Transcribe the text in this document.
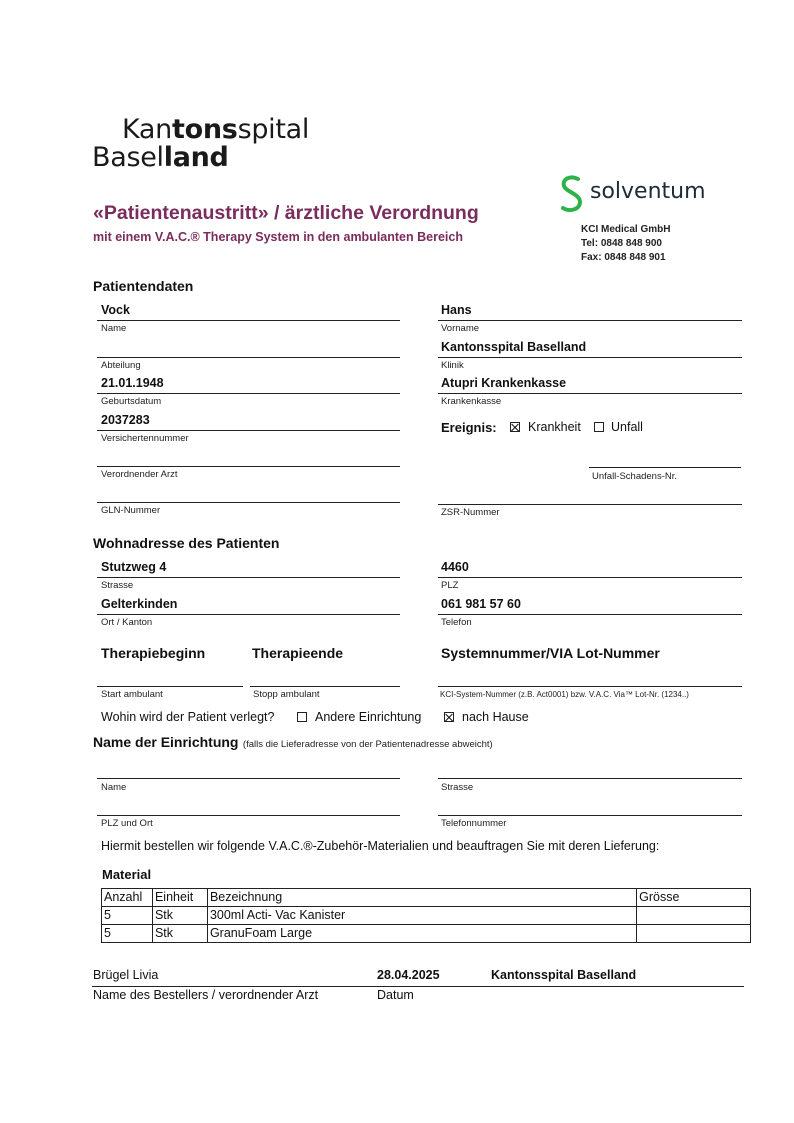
Kantonsspital
Baselland
«Patientenaustritt» / ärztliche Verordnung
mit einem V.A.C.® Therapy System in den ambulanten Bereich
solventum
KCI Medical GmbH
Tel: 0848 848 900
Fax: 0848 848 901
Patientendaten
Vock
Name
Hans
Vorname
Abteilung
Kantonsspital Baselland
Klinik
21.01.1948
Geburtsdatum
Atupri Krankenkasse
Krankenkasse
2037283
Versichertennummer
Ereignis:	Krankheit Unfall
Verordnender Arzt	Unfall-Schadens-Nr.
GLN-Nummer	ZSR-Nummer
Wohnadresse des Patienten
Stutzweg 4
Strasse
4460
PLZ
Gelterkinden
Ort / Kanton
061 981 57 60
Telefon
Therapiebeginn	Therapieende	Systemnummer/VIA Lot-Nummer
Start ambulant	Stopp ambulant	KCI-System-Nummer (z.B. Act0001) bzw. V.A.C. Via™ Lot-Nr. (1234..)
Wohin wird der Patient verlegt?	Andere Einrichtung	nach Hause
Name der Einrichtung (falls die Lieferadresse von der Patientenadresse abweicht)
Name	Strasse
PLZ und Ort	Telefonnummer
Hiermit bestellen wir folgende V.A.C.®-Zubehör-Materialien und beauftragen Sie mit deren Lieferung:
Material
Anzahl	Einheit	Bezeichnung	Grösse
5	Stk	300ml Acti- Vac Kanister	
5	Stk	GranuFoam Large	
Brügel Livia	28.04.2025	Kantonsspital Baselland
Name des Bestellers / verordnender Arzt	Datum
